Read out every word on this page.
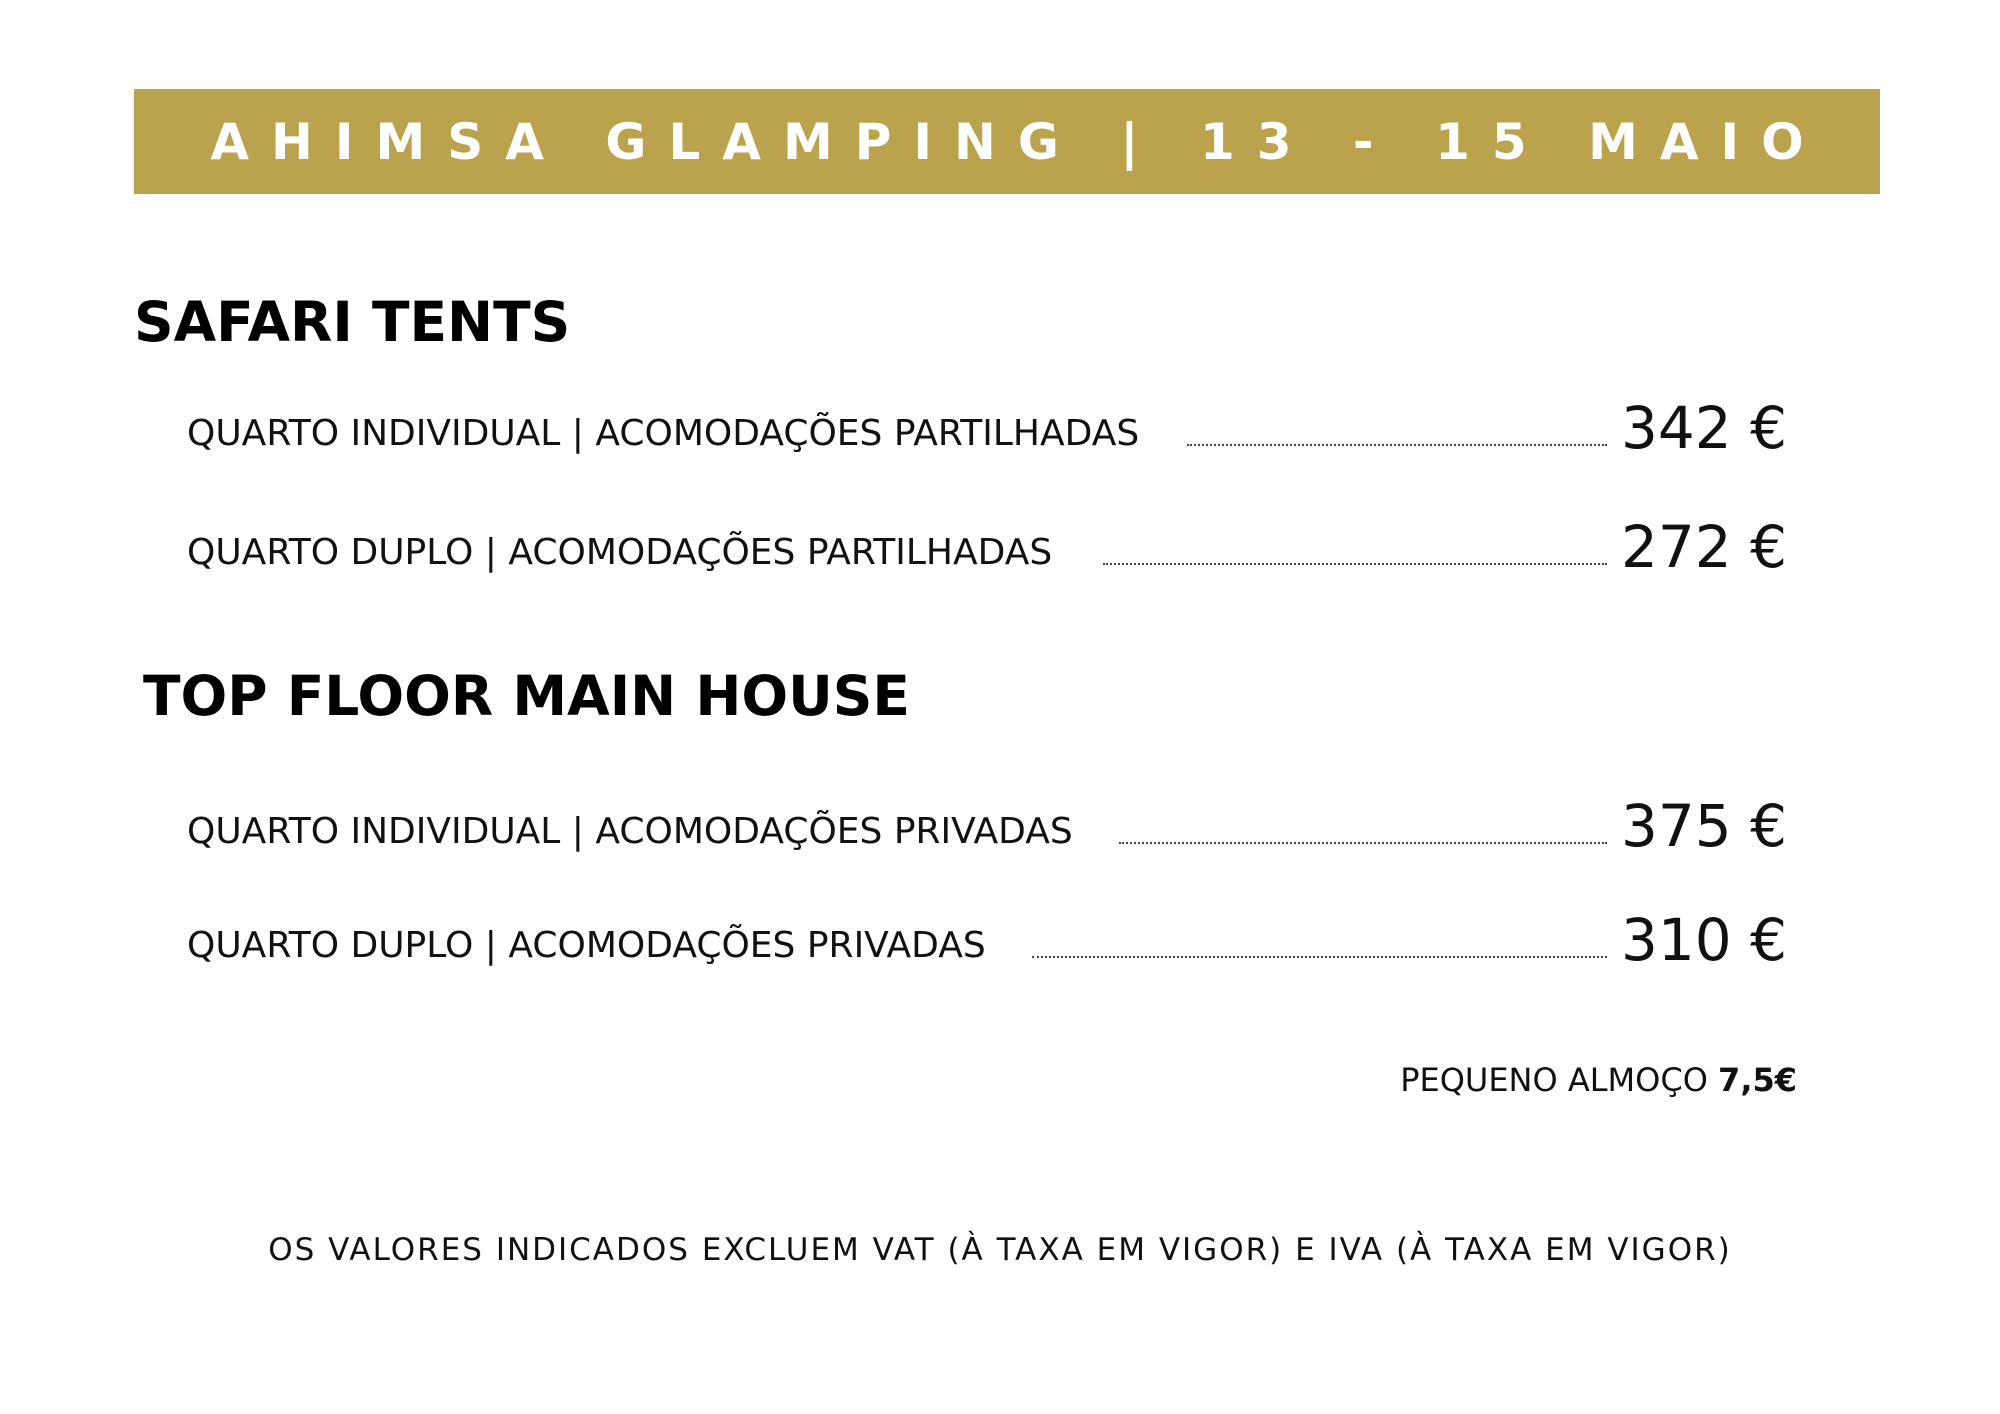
AHIMSA GLAMPING | 13 - 15 MAIO
SAFARI TENTS
QUARTO INDIVIDUAL | ACOMODAÇÕES PARTILHADAS	342 €
QUARTO DUPLO | ACOMODAÇÕES PARTILHADAS	272 €
TOP FLOOR MAIN HOUSE
QUARTO INDIVIDUAL | ACOMODAÇÕES PRIVADAS	375 €
QUARTO DUPLO | ACOMODAÇÕES PRIVADAS	310 €
PEQUENO ALMOÇO 7,5€
OS VALORES INDICADOS EXCLUEM VAT (À TAXA EM VIGOR) E IVA (À TAXA EM VIGOR)
